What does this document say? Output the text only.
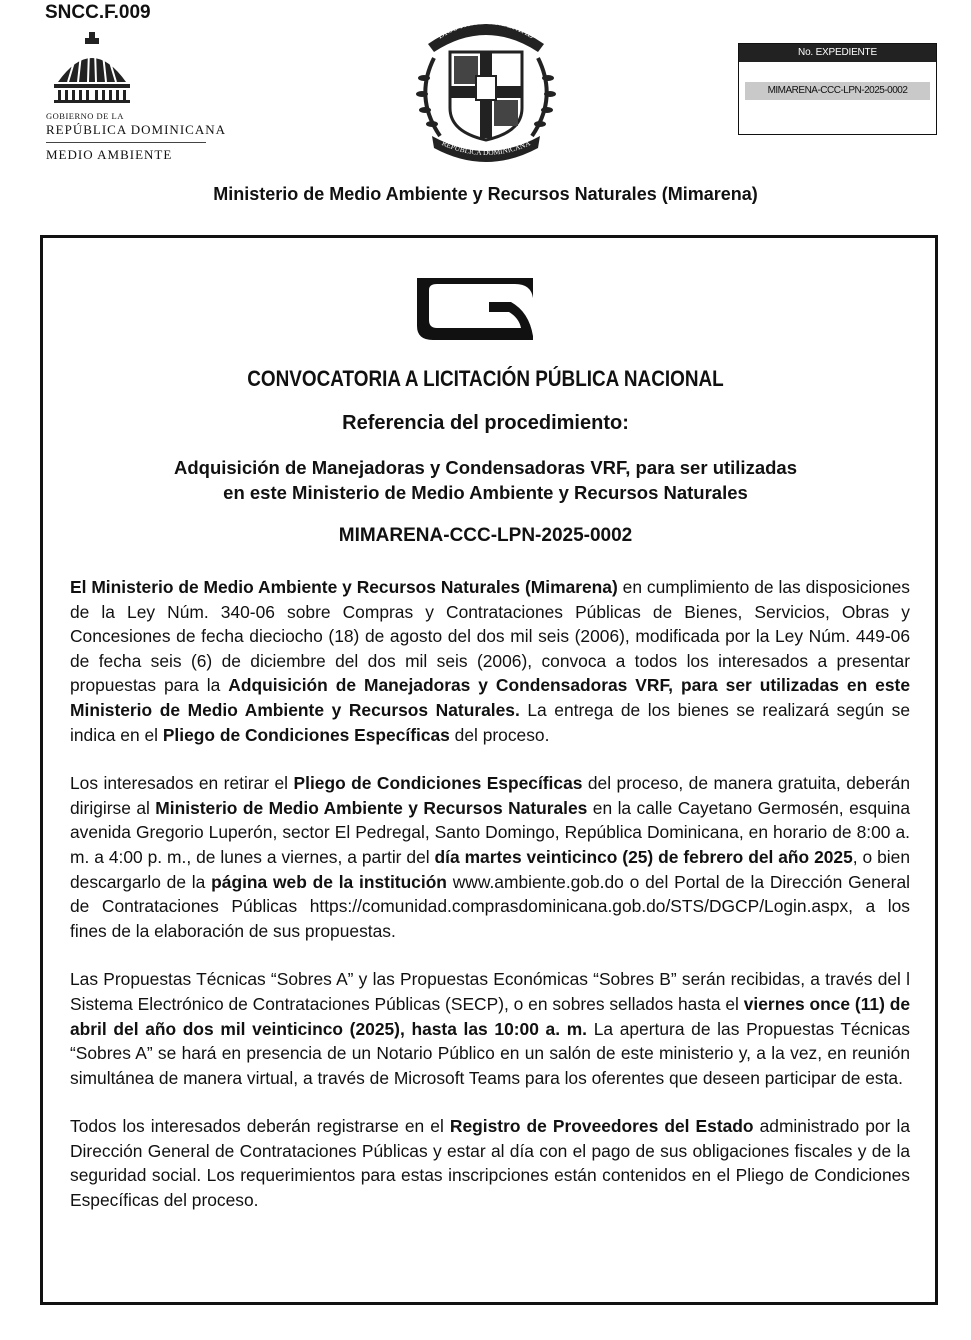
SNCC.F.009
GOBIERNO DE LA
REPÚBLICA DOMINICANA
MEDIO AMBIENTE
DIOS PATRIA LIBERTAD
REPÚBLICA DOMINICANA
No. EXPEDIENTE
MIMARENA-CCC-LPN-2025-0002
Ministerio de Medio Ambiente y Recursos Naturales (Mimarena)
CONVOCATORIA A LICITACIÓN PÚBLICA NACIONAL
Referencia del procedimiento:
Adquisición de Manejadoras y Condensadoras VRF, para ser utilizadas
en este Ministerio de Medio Ambiente y Recursos Naturales
MIMARENA-CCC-LPN-2025-0002

El Ministerio de Medio Ambiente y Recursos Naturales (Mimarena) en cumplimiento de las disposiciones de la Ley Núm. 340-06 sobre Compras y Contrataciones Públicas de Bienes, Servicios, Obras y Concesiones de fecha dieciocho (18) de agosto del dos mil seis (2006), modificada por la Ley Núm. 449-06 de fecha seis (6) de diciembre del dos mil seis (2006), convoca a todos los interesados a presentar propuestas para la Adquisición de Manejadoras y Condensadoras VRF, para ser utilizadas en este Ministerio de Medio Ambiente y Recursos Naturales. La entrega de los bienes se realizará según se indica en el Pliego de Condiciones Específicas del proceso.

Los interesados en retirar el Pliego de Condiciones Específicas del proceso, de manera gratuita, deberán dirigirse al Ministerio de Medio Ambiente y Recursos Naturales en la calle Cayetano Germosén, esquina avenida Gregorio Luperón, sector El Pedregal, Santo Domingo, República Dominicana, en horario de 8:00 a. m. a 4:00 p. m., de lunes a viernes, a partir del día martes veinticinco (25) de febrero del año 2025, o bien descargarlo de la página web de la institución www.ambiente.gob.do o del Portal de la Dirección General de Contrataciones Públicas https://comunidad.comprasdominicana.gob.do/STS/DGCP/Login.aspx, a los fines de la elaboración de sus propuestas.

Las Propuestas Técnicas “Sobres A” y las Propuestas Económicas “Sobres B” serán recibidas, a través del l Sistema Electrónico de Contrataciones Públicas (SECP), o en sobres sellados hasta el viernes once (11) de abril del año dos mil veinticinco (2025), hasta las 10:00 a. m. La apertura de las Propuestas Técnicas “Sobres A” se hará en presencia de un Notario Público en un salón de este ministerio y, a la vez, en reunión simultánea de manera virtual, a través de Microsoft Teams para los oferentes que deseen participar de esta.

Todos los interesados deberán registrarse en el Registro de Proveedores del Estado administrado por la Dirección General de Contrataciones Públicas y estar al día con el pago de sus obligaciones fiscales y de la seguridad social. Los requerimientos para estas inscripciones están contenidos en el Pliego de Condiciones Específicas del proceso.
